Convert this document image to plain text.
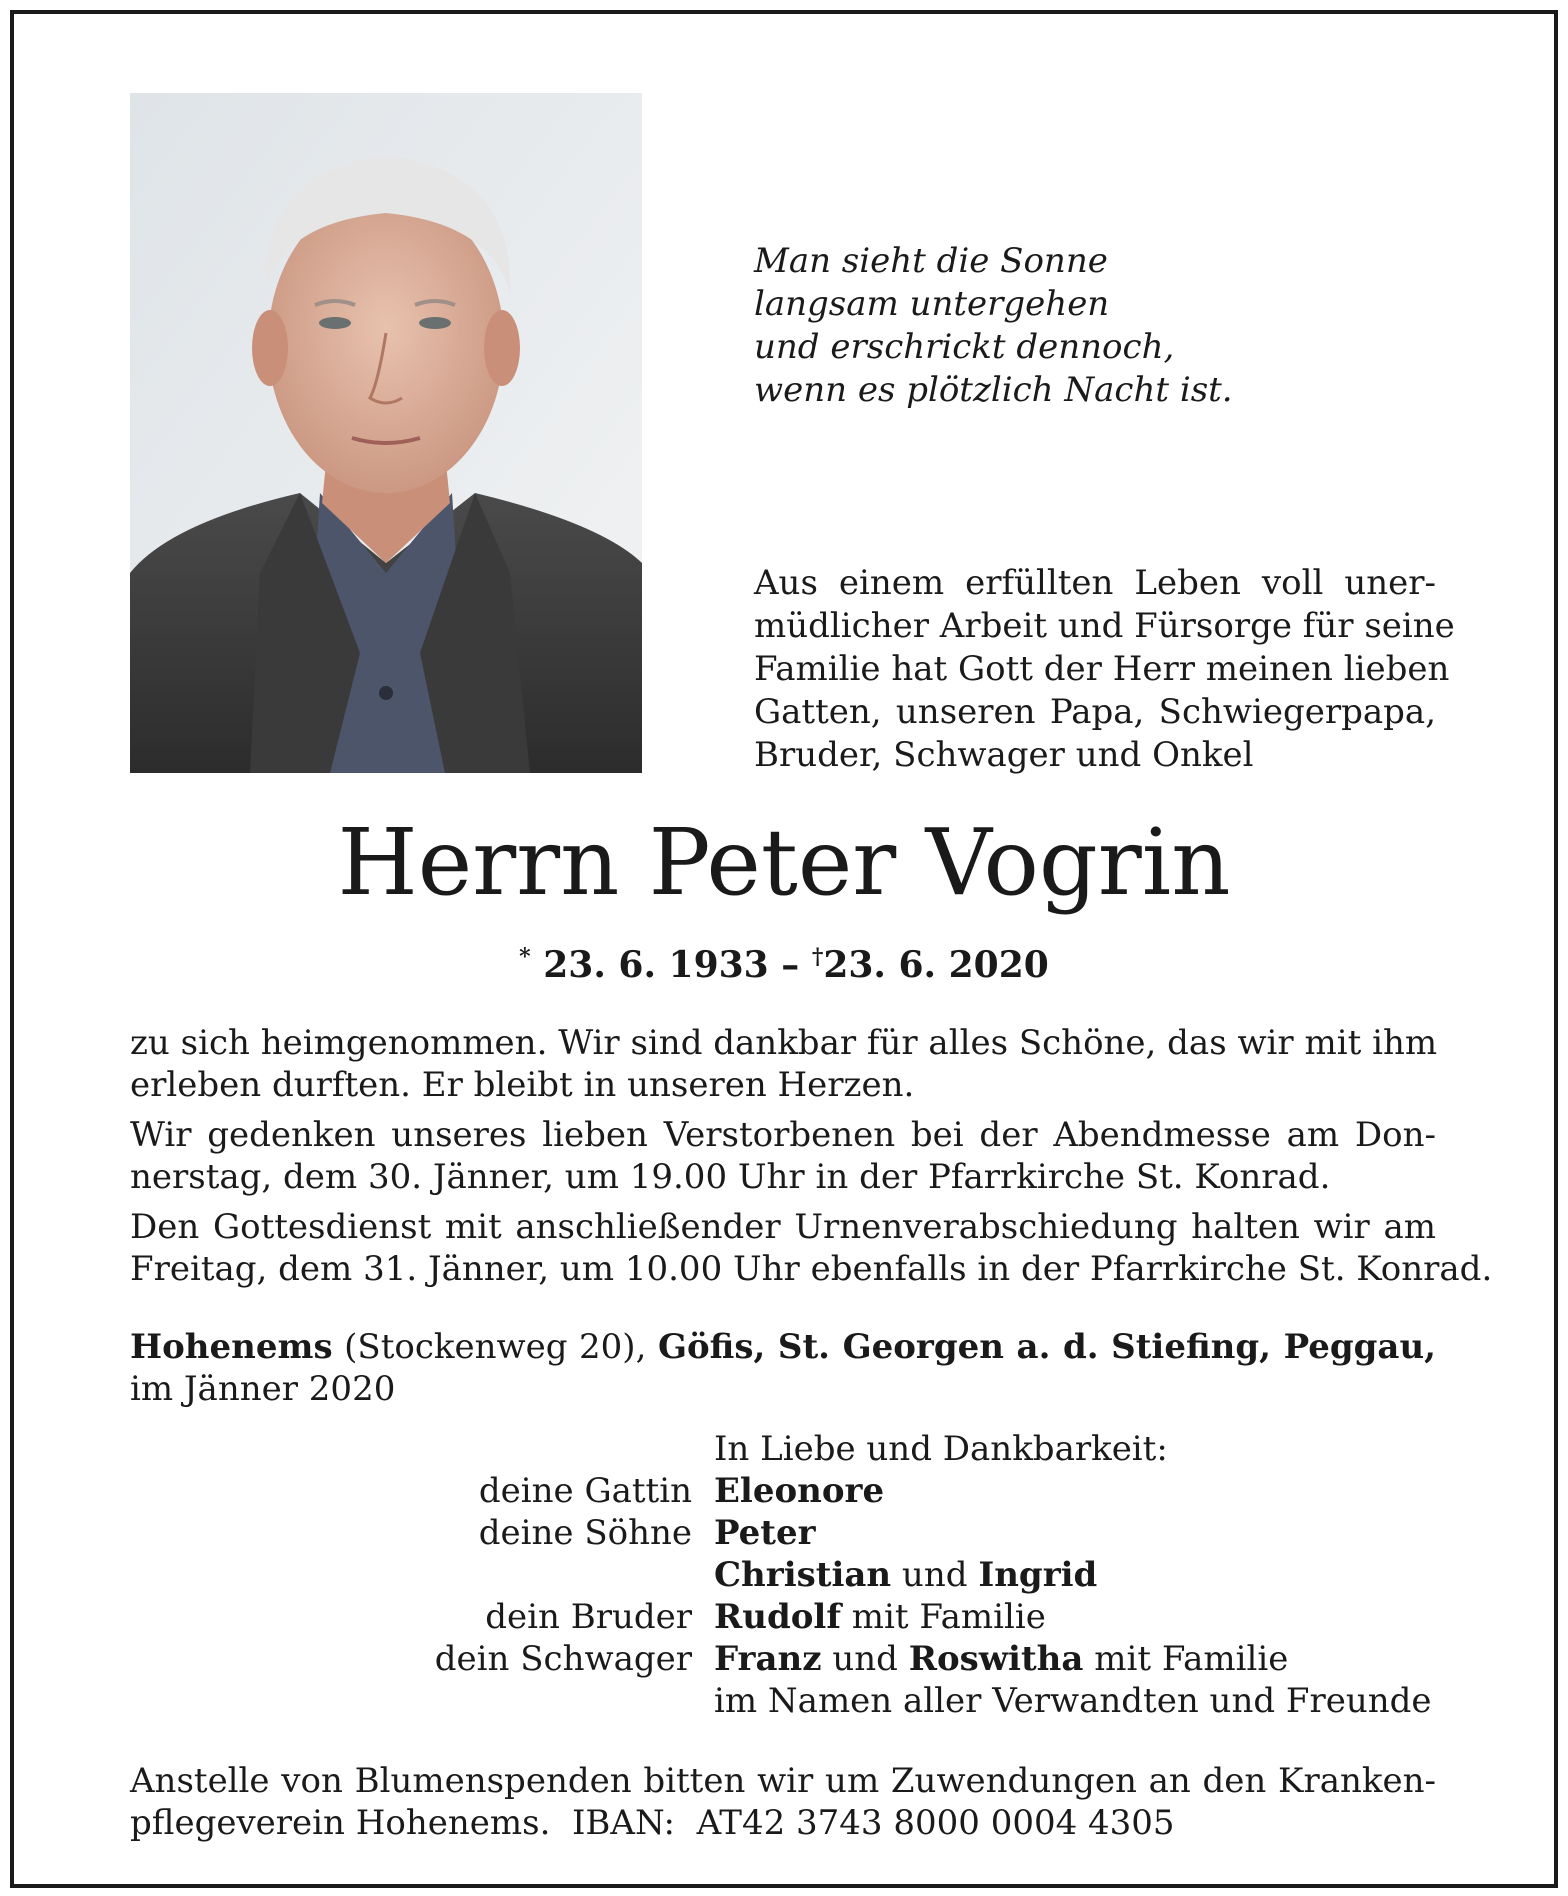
Man sieht die Sonne
langsam untergehen
und erschrickt dennoch,
wenn es plötzlich Nacht ist.
Aus einem erfüllten Leben voll uner-
müdlicher Arbeit und Fürsorge für seine
Familie hat Gott der Herr meinen lieben
Gatten, unseren Papa, Schwiegerpapa,
Bruder, Schwager und Onkel
Herrn Peter Vogrin
* 23. 6. 1933 – †23. 6. 2020
zu sich heimgenommen. Wir sind dankbar für alles Schöne, das wir mit ihm
erleben durften. Er bleibt in unseren Herzen.
Wir gedenken unseres lieben Verstorbenen bei der Abendmesse am Don-
nerstag, dem 30. Jänner, um 19.00 Uhr in der Pfarrkirche St. Konrad.
Den Gottesdienst mit anschließender Urnenverabschiedung halten wir am
Freitag, dem 31. Jänner, um 10.00 Uhr ebenfalls in der Pfarrkirche St. Konrad.
Hohenems (Stockenweg 20), Göfis, St. Georgen a. d. Stiefing, Peggau,
im Jänner 2020
In Liebe und Dankbarkeit:
deine Gattin Eleonore
deine Söhne Peter
Christian und Ingrid
dein Bruder Rudolf mit Familie
dein Schwager Franz und Roswitha mit Familie
im Namen aller Verwandten und Freunde
Anstelle von Blumenspenden bitten wir um Zuwendungen an den Kranken-
pflegeverein Hohenems.  IBAN:  AT42 3743 8000 0004 4305
